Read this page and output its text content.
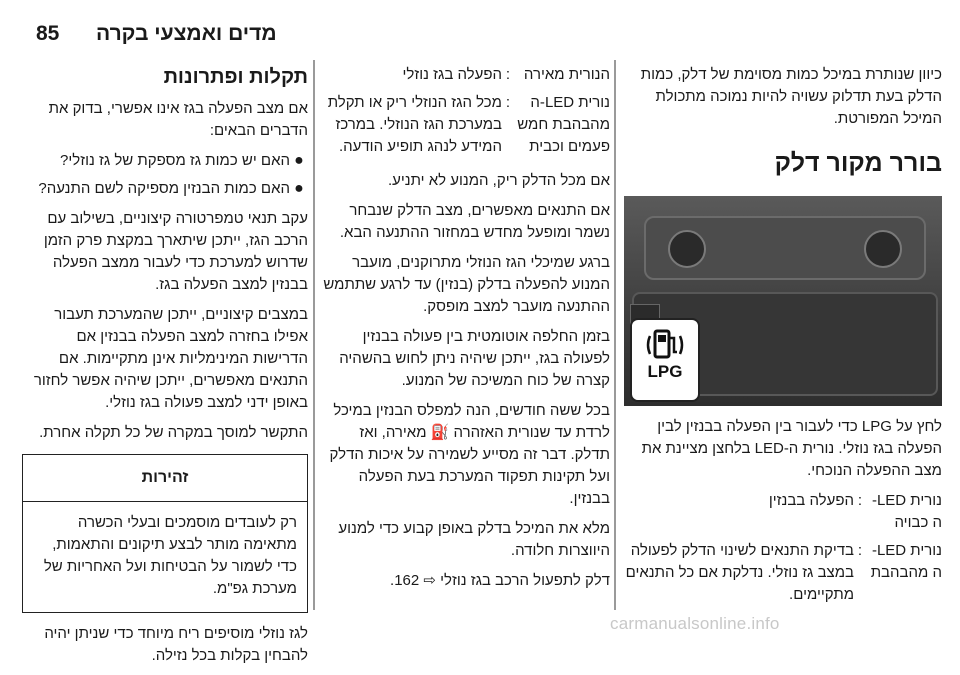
85 מדים ואמצעי בקרה

כיוון שנותרת במיכל כמות מסוימת של דלק, כמות הדלק בעת תדלוק עשויה להיות נמוכה מתכולת המיכל המפורטת.

בורר מקור דלק
LPG

לחץ על LPG כדי לעבור בין הפעלה בבנזין לבין הפעלה בגז נוזלי. נורית ה-LED בלחצן מציינת את מצב ההפעלה הנוכחי.

נורית LED-ה כבויה
:
הפעלה בבנזין
נורית LED-ה מהבהבת
:
בדיקת התנאים לשינוי הדלק לפעולה במצב גז נוזלי. נדלקת אם כל התנאים מתקיימים.
הנורית מאירה
:
הפעלה בגז נוזלי
נורית LED-ה מהבהבת חמש פעמים וכבית
:
מכל הגז הנוזלי ריק או תקלת במערכת הגז הנוזלי. במרכז המידע לנהג תופיע הודעה.

אם מכל הדלק ריק, המנוע לא יתניע.

אם התנאים מאפשרים, מצב הדלק שנבחר נשמר ומופעל מחדש במחזור ההתנעה הבא.

ברגע שמיכלי הגז הנוזלי מתרוקנים, מועבר המנוע להפעלה בדלק (בנזין) עד לרגע שתתמש ההתנעה מועבר למצב מופסק.

בזמן החלפה אוטומטית בין פעולה בבנזין לפעולה בגז, ייתכן שיהיה ניתן לחוש בהשהיה קצרה של כוח המשיכה של המנוע.

בכל ששה חודשים, הנה למפלס הבנזין במיכל לרדת עד שנורית האזהרה ⛽ מאירה, ואז תדלק. דבר זה מסייע לשמירה על איכות הדלק ועל תקינות תפקוד המערכת בעת הפעלה בבנזין.

מלא את המיכל בדלק באופן קבוע כדי למנוע היווצרות חלודה.

דלק לתפעול הרכב בגז נוזלי ⇨ 162.

תקלות ופתרונות

אם מצב הפעלה בגז אינו אפשרי, בדוק את הדברים הבאים:

●
האם יש כמות גז מספקת של גז נוזלי?
●
האם כמות הבנזין מספיקה לשם התנעה?

עקב תנאי טמפרטורה קיצוניים, בשילוב עם הרכב הגז, ייתכן שיתארך במקצת פרק הזמן שדרוש למערכת כדי לעבור ממצב הפעלה בבנזין למצב הפעלה בגז.

במצבים קיצוניים, ייתכן שהמערכת תעבור אפילו בחזרה למצב הפעלה בבנזין אם הדרישות המינימליות אינן מתקיימות. אם התנאים מאפשרים, ייתכן שיהיה אפשר לחזור באופן ידני למצב פעולה בגז נוזלי.

התקשר למוסך במקרה של כל תקלה אחרת.

זהירות
רק לעובדים מוסמכים ובעלי הכשרה מתאימה מותר לבצע תיקונים והתאמות, כדי לשמור על הבטיחות ועל האחריות של מערכת גפ"מ.

לגז נוזלי מוסיפים ריח מיוחד כדי שניתן יהיה להבחין בקלות בכל נזילה.

carmanualsonline.info
